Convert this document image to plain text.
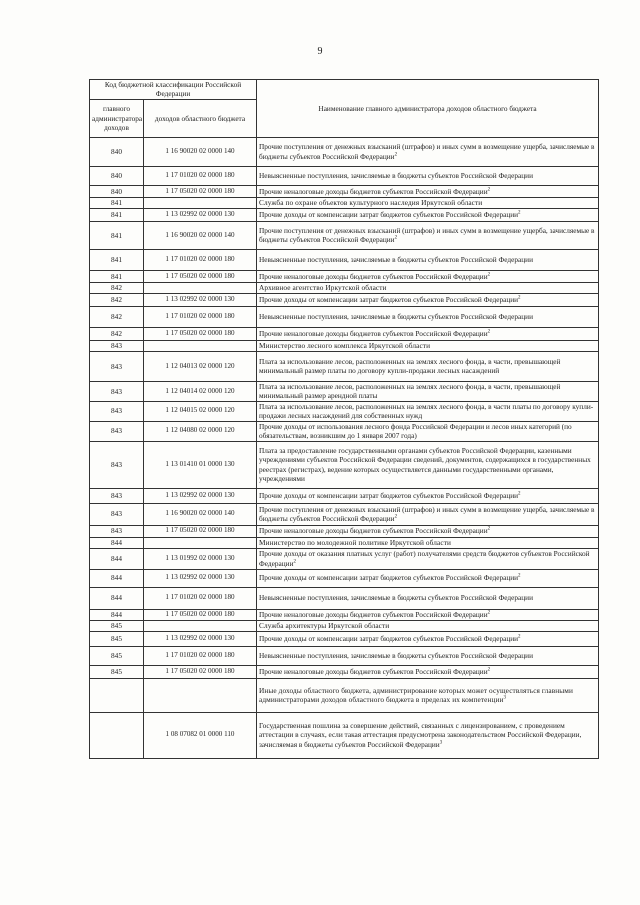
9
Код бюджетной классификации Российской Федерации		Наименование главного администратора доходов областного бюджета
главного администратора доходов	доходов областного бюджета	
840	1 16 90020 02 0000 140	Прочие поступления от денежных взысканий (штрафов) и иных сумм в возмещение ущерба, зачисляемые в бюджеты субъектов Российской Федерации$^2$
840	1 17 01020 02 0000 180	Невыясненные поступления, зачисляемые в бюджеты субъектов Российской Федерации
840	1 17 05020 02 0000 180	Прочие неналоговые доходы бюджетов субъектов Российской Федерации$^2$
841		Служба по охране объектов культурного наследия Иркутской области
841	1 13 02992 02 0000 130	Прочие доходы от компенсации затрат бюджетов субъектов Российской Федерации$^2$
841	1 16 90020 02 0000 140	Прочие поступления от денежных взысканий (штрафов) и иных сумм в возмещение ущерба, зачисляемые в бюджеты субъектов Российской Федерации$^2$
841	1 17 01020 02 0000 180	Невыясненные поступления, зачисляемые в бюджеты субъектов Российской Федерации
841	1 17 05020 02 0000 180	Прочие неналоговые доходы бюджетов субъектов Российской Федерации$^2$
842		Архивное агентство Иркутской области
842	1 13 02992 02 0000 130	Прочие доходы от компенсации затрат бюджетов субъектов Российской Федерации$^2$
842	1 17 01020 02 0000 180	Невыясненные поступления, зачисляемые в бюджеты субъектов Российской Федерации
842	1 17 05020 02 0000 180	Прочие неналоговые доходы бюджетов субъектов Российской Федерации$^2$
843		Министерство лесного комплекса Иркутской области
843	1 12 04013 02 0000 120	Плата за использование лесов, расположенных на землях лесного фонда, в части, превышающей минимальный размер платы по договору купли-продажи лесных насаждений
843	1 12 04014 02 0000 120	Плата за использование лесов, расположенных на землях лесного фонда, в части, превышающей минимальный размер арендной платы
843	1 12 04015 02 0000 120	Плата за использование лесов, расположенных на землях лесного фонда, в части платы по договору купли-продажи лесных насаждений для собственных нужд
843	1 12 04080 02 0000 120	Прочие доходы от использования лесного фонда Российской Федерации и лесов иных категорий (по обязательствам, возникшим до 1 января 2007 года)
843	1 13 01410 01 0000 130	Плата за предоставление государственными органами субъектов Российской Федерации, казенными учреждениями субъектов Российской Федерации сведений, документов, содержащихся в государственных реестрах (регистрах), ведение которых осуществляется данными государственными органами, учреждениями
843	1 13 02992 02 0000 130	Прочие доходы от компенсации затрат бюджетов субъектов Российской Федерации$^2$
843	1 16 90020 02 0000 140	Прочие поступления от денежных взысканий (штрафов) и иных сумм в возмещение ущерба, зачисляемые в бюджеты субъектов Российской Федерации$^2$
843	1 17 05020 02 0000 180	Прочие неналоговые доходы бюджетов субъектов Российской Федерации$^2$
844		Министерство по молодежной политике Иркутской области
844	1 13 01992 02 0000 130	Прочие доходы от оказания платных услуг (работ) получателями средств бюджетов субъектов Российской Федерации$^2$
844	1 13 02992 02 0000 130	Прочие доходы от компенсации затрат бюджетов субъектов Российской Федерации$^2$
844	1 17 01020 02 0000 180	Невыясненные поступления, зачисляемые в бюджеты субъектов Российской Федерации
844	1 17 05020 02 0000 180	Прочие неналоговые доходы бюджетов субъектов Российской Федерации$^2$
845		Служба архитектуры Иркутской области
845	1 13 02992 02 0000 130	Прочие доходы от компенсации затрат бюджетов субъектов Российской Федерации$^2$
845	1 17 01020 02 0000 180	Невыясненные поступления, зачисляемые в бюджеты субъектов Российской Федерации
845	1 17 05020 02 0000 180	Прочие неналоговые доходы бюджетов субъектов Российской Федерации$^2$
		Иные доходы областного бюджета, администрирование которых может осуществляться главными администраторами доходов областного бюджета в пределах их компетенции$^3$
	1 08 07082 01 0000 110	Государственная пошлина за совершение действий, связанных с лицензированием, с проведением аттестации в случаях, если такая аттестация предусмотрена законодательством Российской Федерации, зачисляемая в бюджеты субъектов Российской Федерации$^3$
